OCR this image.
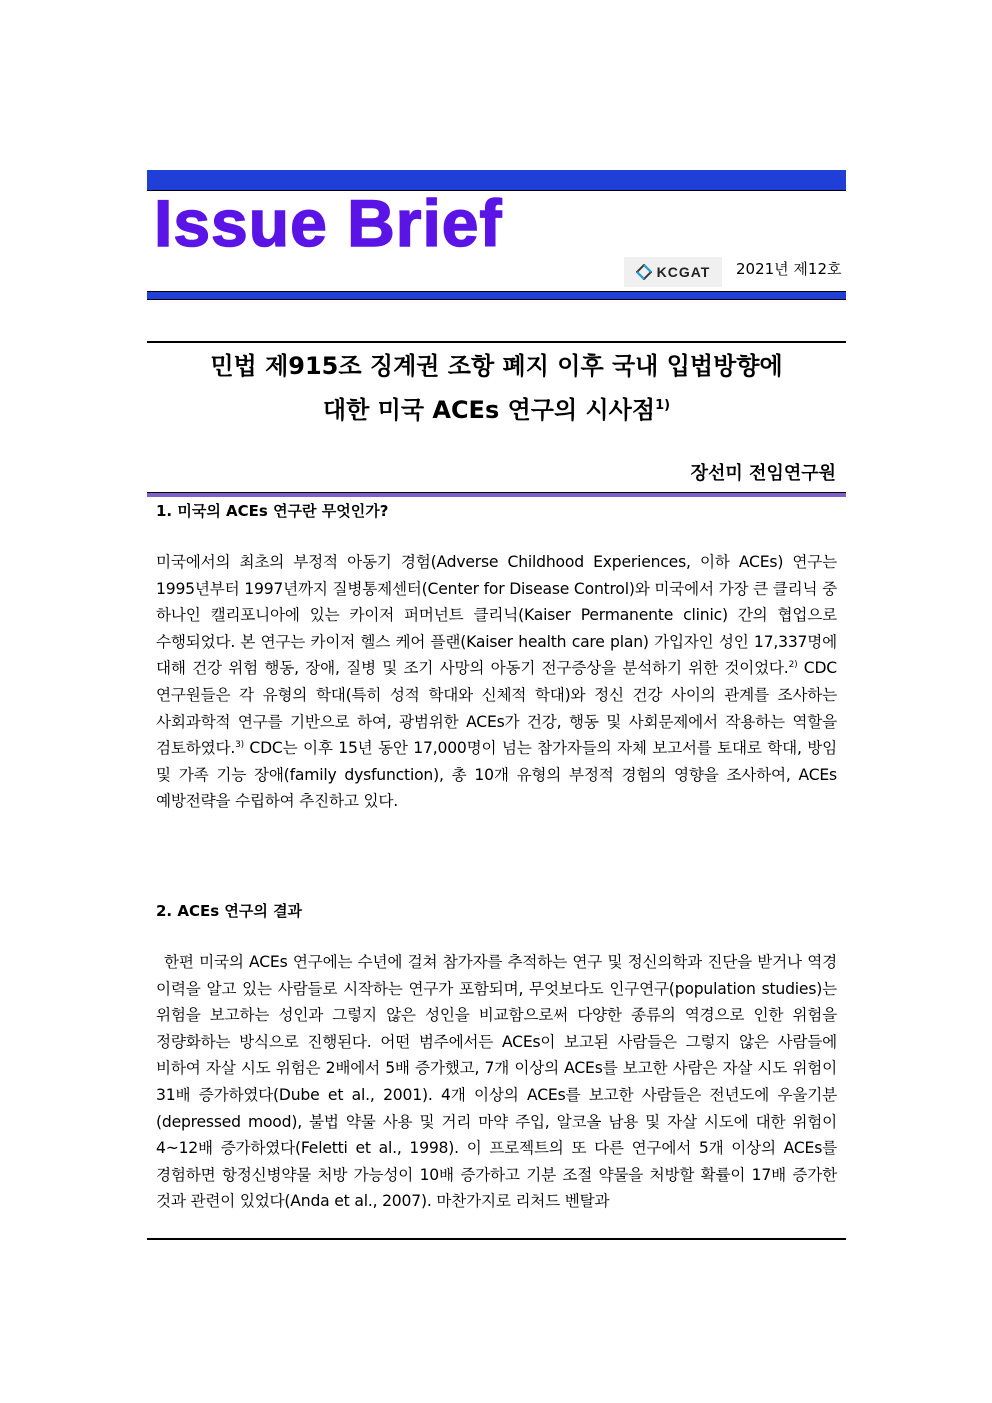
Issue Brief
KCGAT 2021년 제12호
민법 제915조 징계권 조항 폐지 이후 국내 입법방향에
대한 미국 ACEs 연구의 시사점$^{1)}$
장선미 전임연구원
1. 미국의 ACEs 연구란 무엇인가?

미국에서의 최초의 부정적 아동기 경험(Adverse Childhood Experiences, 이하 ACEs) 연구는 1995년부터 1997년까지 질병통제센터(Center for Disease Control)와 미국에서 가장 큰 클리닉 중 하나인 캘리포니아에 있는 카이저 퍼머넌트 클리닉(Kaiser Permanente clinic) 간의 협업으로 수행되었다. 본 연구는 카이저 헬스 케어 플랜(Kaiser health care plan) 가입자인 성인 17,337명에 대해 건강 위험 행동, 장애, 질병 및 조기 사망의 아동기 전구증상을 분석하기 위한 것이었다.$^{2)}$ CDC 연구원들은 각 유형의 학대(특히 성적 학대와 신체적 학대)와 정신 건강 사이의 관계를 조사하는 사회과학적 연구를 기반으로 하여, 광범위한 ACEs가 건강, 행동 및 사회문제에서 작용하는 역할을 검토하였다.$^{3)}$ CDC는 이후 15년 동안 17,000명이 넘는 참가자들의 자체 보고서를 토대로 학대, 방임 및 가족 기능 장애(family dysfunction), 총 10개 유형의 부정적 경험의 영향을 조사하여, ACEs 예방전략을 수립하여 추진하고 있다.

2. ACEs 연구의 결과

한편 미국의 ACEs 연구에는 수년에 걸쳐 참가자를 추적하는 연구 및 정신의학과 진단을 받거나 역경 이력을 알고 있는 사람들로 시작하는 연구가 포함되며, 무엇보다도 인구연구(population studies)는 위험을 보고하는 성인과 그렇지 않은 성인을 비교함으로써 다양한 종류의 역경으로 인한 위험을 정량화하는 방식으로 진행된다. 어떤 범주에서든 ACEs이 보고된 사람들은 그렇지 않은 사람들에 비하여 자살 시도 위험은 2배에서 5배 증가했고, 7개 이상의 ACEs를 보고한 사람은 자살 시도 위험이 31배 증가하였다(Dube et al., 2001). 4개 이상의 ACEs를 보고한 사람들은 전년도에 우울기분(depressed mood), 불법 약물 사용 및 거리 마약 주입, 알코올 남용 및 자살 시도에 대한 위험이 4~12배 증가하였다(Feletti et al., 1998). 이 프로젝트의 또 다른 연구에서 5개 이상의 ACEs를 경험하면 항정신병약물 처방 가능성이 10배 증가하고 기분 조절 약물을 처방할 확률이 17배 증가한 것과 관련이 있었다(Anda et al., 2007). 마찬가지로 리처드 벤탈과
